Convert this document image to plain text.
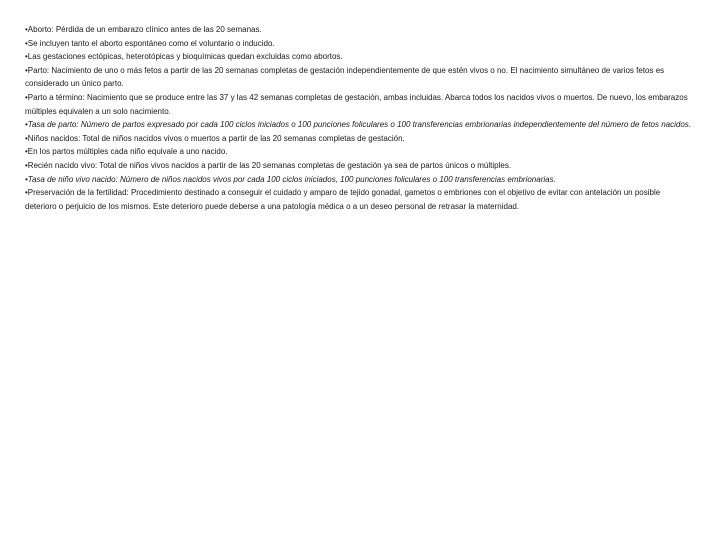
•Aborto: Pérdida de un embarazo clínico antes de las 20 semanas.

•Se incluyen tanto el aborto espontáneo como el voluntario o inducido.

•Las gestaciones ectópicas, heterotópicas y bioquímicas quedan excluidas como abortos.

•Parto: Nacimiento de uno o más fetos a partir de las 20 semanas completas de gestación independientemente de que estén vivos o no. El nacimiento simultáneo de varios fetos es considerado un único parto.

•Parto a término: Nacimiento que se produce entre las 37 y las 42 semanas completas de gestación, ambas incluidas. Abarca todos los nacidos vivos o muertos. De nuevo, los embarazos múltiples equivalen a un solo nacimiento.

•Tasa de parto: Número de partos expresado por cada 100 ciclos iniciados o 100 punciones foliculares o 100 transferencias embrionarias independientemente del número de fetos nacidos.

•Niños nacidos: Total de niños nacidos vivos o muertos a partir de las 20 semanas completas de gestación.

•En los partos múltiples cada niño equivale a uno nacido.

•Recién nacido vivo: Total de niños vivos nacidos a partir de las 20 semanas completas de gestación ya sea de partos únicos o múltiples.

•Tasa de niño vivo nacido: Número de niños nacidos vivos por cada 100 ciclos iniciados, 100 punciones foliculares o 100 transferencias embrionarias.

•Preservación de la fertilidad: Procedimiento destinado a conseguir el cuidado y amparo de tejido gonadal, gametos o embriones con el objetivo de evitar con antelación un posible deterioro o perjuicio de los mismos. Este deterioro puede deberse a una patología médica o a un deseo personal de retrasar la maternidad.
